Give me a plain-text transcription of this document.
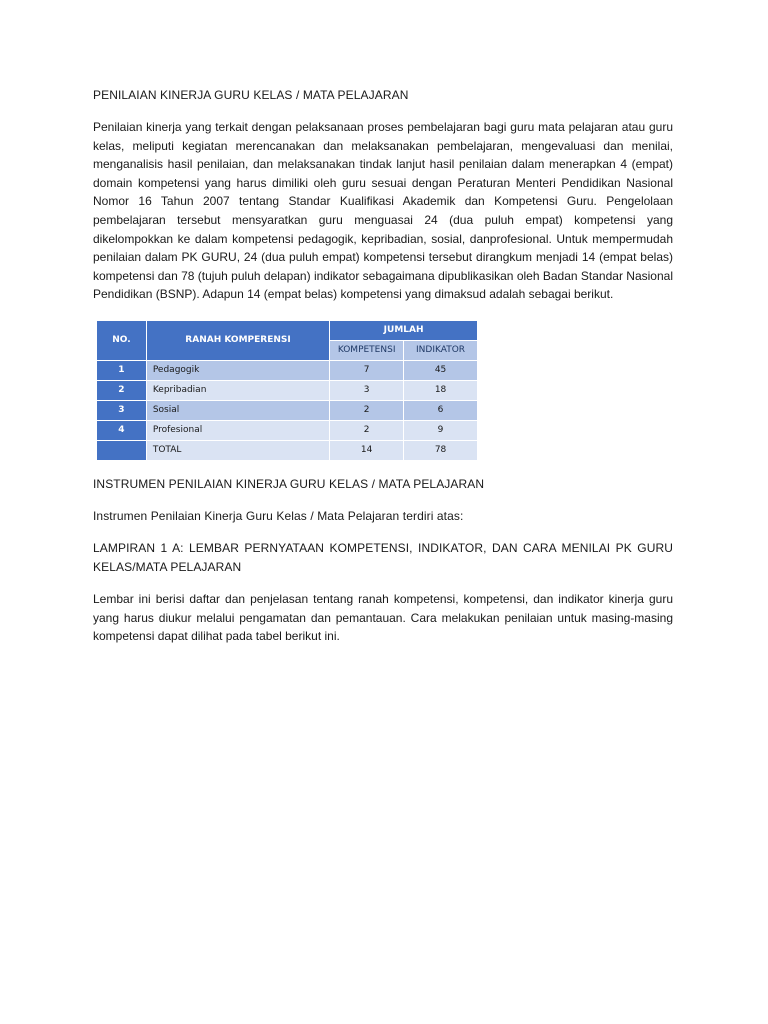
PENILAIAN KINERJA GURU KELAS / MATA PELAJARAN
Penilaian kinerja yang terkait dengan pelaksanaan proses pembelajaran bagi guru mata pelajaran atau guru kelas, meliputi kegiatan merencanakan dan melaksanakan pembelajaran, mengevaluasi dan menilai, menganalisis hasil penilaian, dan melaksanakan tindak lanjut hasil penilaian dalam menerapkan 4 (empat) domain kompetensi yang harus dimiliki oleh guru sesuai dengan Peraturan Menteri Pendidikan Nasional Nomor 16 Tahun 2007 tentang Standar Kualifikasi Akademik dan Kompetensi Guru. Pengelolaan pembelajaran tersebut mensyaratkan guru menguasai 24 (dua puluh empat) kompetensi yang dikelompokkan ke dalam kompetensi pedagogik, kepribadian, sosial, danprofesional. Untuk mempermudah penilaian dalam PK GURU, 24 (dua puluh empat) kompetensi tersebut dirangkum menjadi 14 (empat belas) kompetensi dan 78 (tujuh puluh delapan) indikator sebagaimana dipublikasikan oleh Badan Standar Nasional Pendidikan (BSNP). Adapun 14 (empat belas) kompetensi yang dimaksud adalah sebagai berikut.
NO.	RANAH KOMPERENSI	JUMLAH	
		KOMPETENSI	INDIKATOR
1	Pedagogik	7	45
2	Kepribadian	3	18
3	Sosial	2	6
4	Profesional	2	9
	TOTAL	14	78
INSTRUMEN PENILAIAN KINERJA GURU KELAS / MATA PELAJARAN
Instrumen Penilaian Kinerja Guru Kelas / Mata Pelajaran terdiri atas:
LAMPIRAN 1 A: LEMBAR PERNYATAAN KOMPETENSI, INDIKATOR, DAN CARA MENILAI PK GURU KELAS/MATA PELAJARAN
Lembar ini berisi daftar dan penjelasan tentang ranah kompetensi, kompetensi, dan indikator kinerja guru yang harus diukur melalui pengamatan dan pemantauan. Cara melakukan penilaian untuk masing-masing kompetensi dapat dilihat pada tabel berikut ini.
